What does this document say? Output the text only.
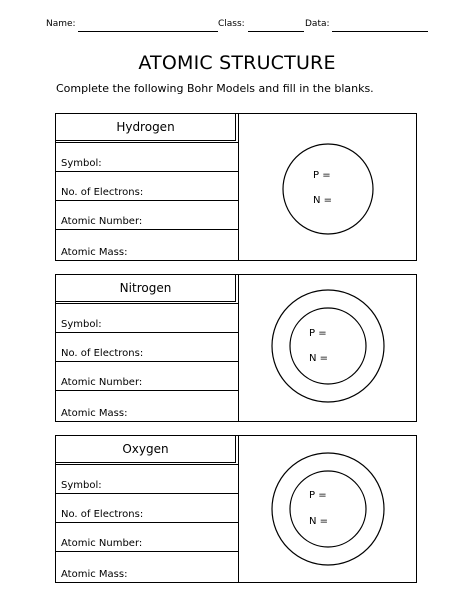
Name:	Class:	Data:
ATOMIC STRUCTURE
Complete the following Bohr Models and fill in the blanks.
Hydrogen
Symbol:
No. of Electrons:
Atomic Number:
Atomic Mass:
P =
N =
Nitrogen
Symbol:
No. of Electrons:
Atomic Number:
Atomic Mass:
P =
N =
Oxygen
Symbol:
No. of Electrons:
Atomic Number:
Atomic Mass:
P =
N =
